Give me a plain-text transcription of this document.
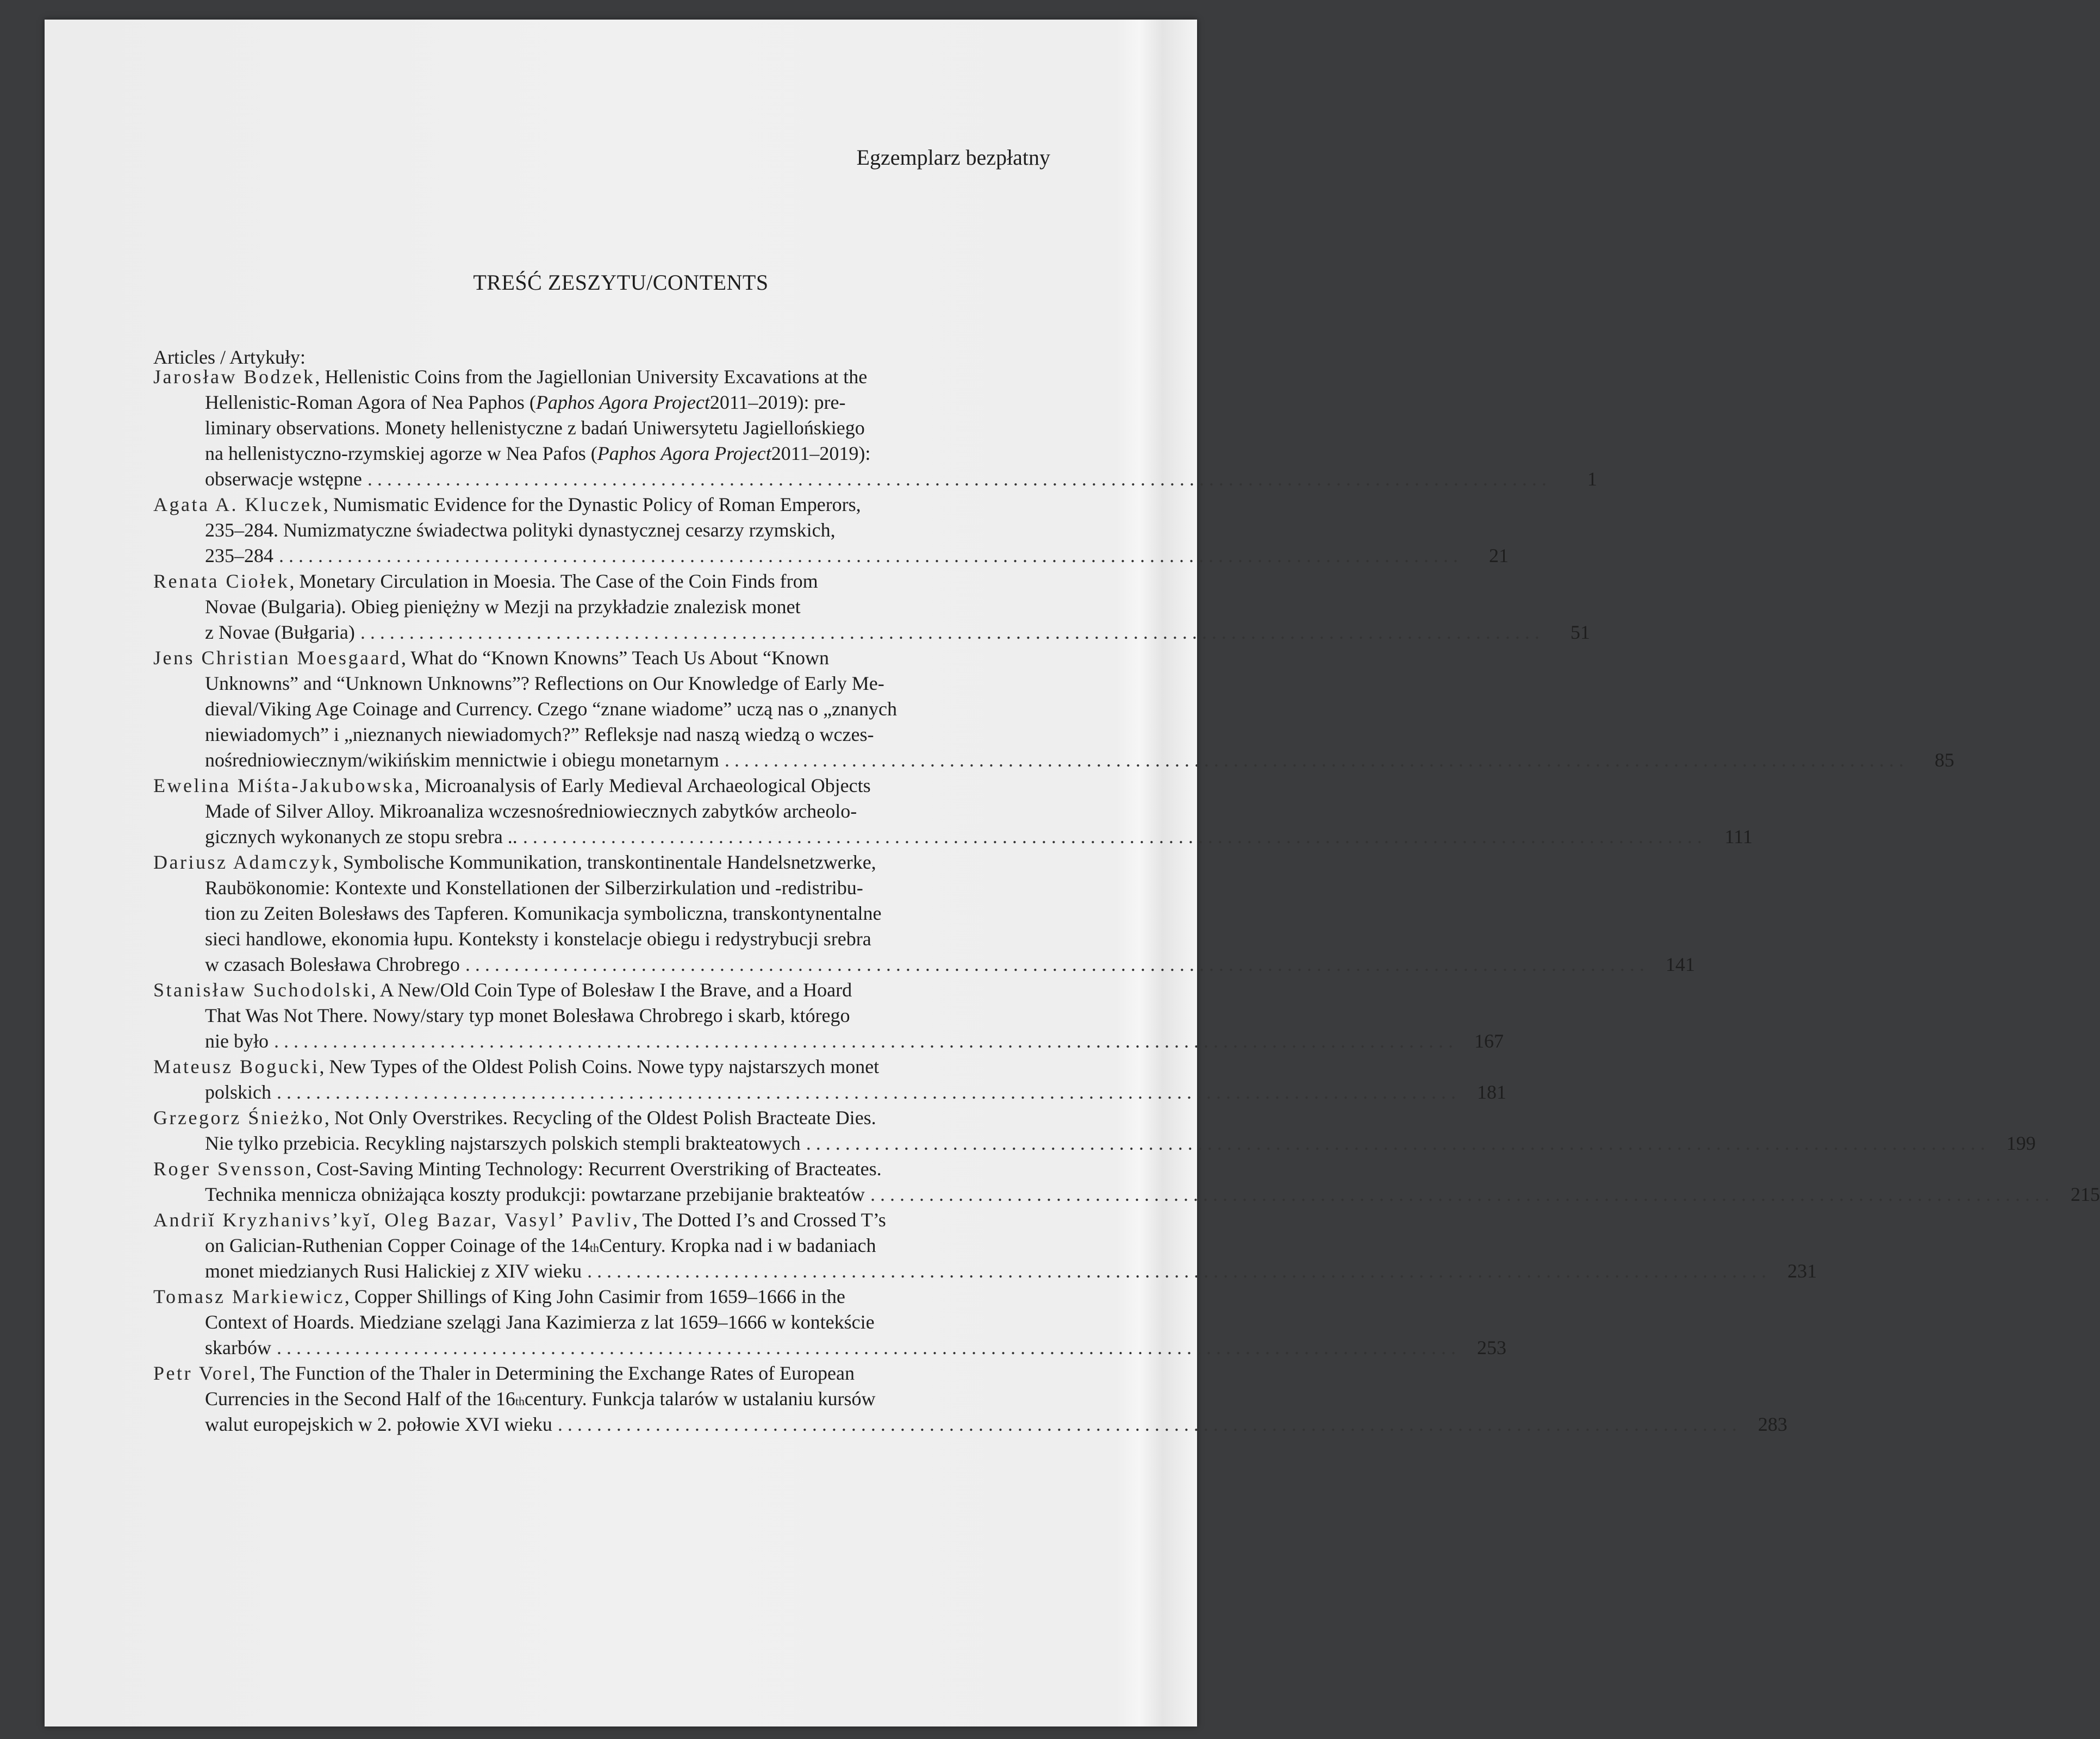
Egzemplarz bezpłatny
TREŚĆ ZESZYTU/CONTENTS
Articles / Artykuły:
Jarosław Bodzek , Hellenistic Coins from the Jagiellonian University Excavations at the
Hellenistic-Roman Agora of Nea Paphos ( Paphos Agora Project 2011–2019): pre-
liminary observations. Monety hellenistyczne z badań Uniwersytetu Jagiellońskiego
na hellenistyczno-rzymskiej agorze w Nea Pafos ( Paphos Agora Project 2011–2019):
obserwacje wstępne .........................................................................................................................	1
Agata A. Kluczek , Numismatic Evidence for the Dynastic Policy of Roman Emperors,
235–284. Numizmatyczne świadectwa polityki dynastycznej cesarzy rzymskich,
235–284 .........................................................................................................................	21
Renata Ciołek , Monetary Circulation in Moesia. The Case of the Coin Finds from
Novae (Bulgaria). Obieg pieniężny w Mezji na przykładzie znalezisk monet
z Novae (Bułgaria) .........................................................................................................................	51
Jens Christian Moesgaard , What do “Known Knowns” Teach Us About “Known
Unknowns” and “Unknown Unknowns”? Reflections on Our Knowledge of Early Me-
dieval/Viking Age Coinage and Currency. Czego “znane wiadome” uczą nas o „znanych
niewiadomych” i „nieznanych niewiadomych?” Refleksje nad naszą wiedzą o wczes-
nośredniowiecznym/wikińskim mennictwie i obiegu monetarnym .........................................................................................................................	85
Ewelina Miśta-Jakubowska , Microanalysis of Early Medieval Archaeological Objects
Made of Silver Alloy. Mikroanaliza wczesnośredniowiecznych zabytków archeolo-
gicznych wykonanych ze stopu srebra .. ......................................................................................................................... 111
Dariusz Adamczyk , Symbolische Kommunikation, transkontinentale Handelsnetzwerke,
Raubökonomie: Kontexte und Konstellationen der Silberzirkulation und -redistribu-
tion zu Zeiten Bolesławs des Tapferen. Komunikacja symboliczna, transkontynentalne
sieci handlowe, ekonomia łupu. Konteksty i konstelacje obiegu i redystrybucji srebra
w czasach Bolesława Chrobrego ......................................................................................................................... 141
Stanisław Suchodolski , A New/Old Coin Type of Bolesław I the Brave, and a Hoard
That Was Not There. Nowy/stary typ monet Bolesława Chrobrego i skarb, którego
nie było ......................................................................................................................... 167
Mateusz Bogucki , New Types of the Oldest Polish Coins. Nowe typy najstarszych monet
polskich ......................................................................................................................... 181
Grzegorz Śnieżko , Not Only Overstrikes. Recycling of the Oldest Polish Bracteate Dies.
Nie tylko przebicia. Recykling najstarszych polskich stempli brakteatowych ......................................................................................................................... 199
Roger Svensson , Cost-Saving Minting Technology: Recurrent Overstriking of Bracteates.
Technika mennicza obniżająca koszty produkcji: powtarzane przebijanie brakteatów ......................................................................................................................... 215
Andriĭ Kryzhanivs’kyĭ, Oleg Bazar, Vasyl’ Pavliv , The Dotted I’s and Crossed T’s
on Galician-Ruthenian Copper Coinage of the 14 th Century. Kropka nad i w badaniach
monet miedzianych Rusi Halickiej z XIV wieku ......................................................................................................................... 231
Tomasz Markiewicz , Copper Shillings of King John Casimir from 1659–1666 in the
Context of Hoards. Miedziane szelągi Jana Kazimierza z lat 1659–1666 w kontekście
skarbów ......................................................................................................................... 253
Petr Vorel , The Function of the Thaler in Determining the Exchange Rates of European
Currencies in the Second Half of the 16 th century. Funkcja talarów w ustalaniu kursów
walut europejskich w 2. połowie XVI wieku ......................................................................................................................... 283
